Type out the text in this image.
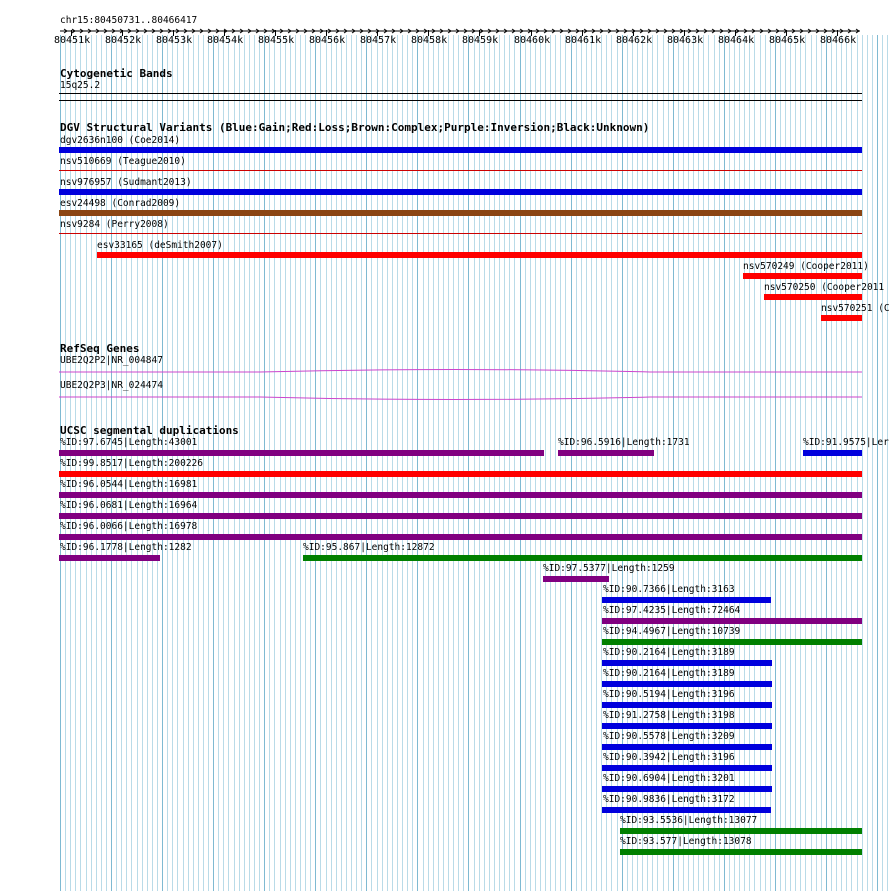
chr15:80450731..80466417
80451k 80452k 80453k 80454k 80455k 80456k 80457k 80458k 80459k 80460k 80461k 80462k 80463k 80464k 80465k 80466k
Cytogenetic Bands
15q25.2
DGV Structural Variants (Blue:Gain;Red:Loss;Brown:Complex;Purple:Inversion;Black:Unknown)
dgv2636n100 (Coe2014)
nsv510669 (Teague2010)
nsv976957 (Sudmant2013)
esv24498 (Conrad2009)
nsv9284 (Perry2008)
esv33165 (deSmith2007)
nsv570249 (Cooper2011)
nsv570250 (Cooper2011
nsv570251 (C
RefSeq Genes
UBE2Q2P2|NR_004847
UBE2Q2P3|NR_024474
UCSC segmental duplications
%ID:97.6745|Length:43001	%ID:96.5916|Length:1731	%ID:91.9575|Ler
%ID:99.8517|Length:200226
%ID:96.0544|Length:16981
%ID:96.0681|Length:16964
%ID:96.0066|Length:16978
%ID:96.1778|Length:1282	%ID:95.867|Length:12872
%ID:97.5377|Length:1259
%ID:90.7366|Length:3163
%ID:97.4235|Length:72464
%ID:94.4967|Length:10739
%ID:90.2164|Length:3189
%ID:90.2164|Length:3189
%ID:90.5194|Length:3196
%ID:91.2758|Length:3198
%ID:90.5578|Length:3209
%ID:90.3942|Length:3196
%ID:90.6904|Length:3201
%ID:90.9836|Length:3172
%ID:93.5536|Length:13077
%ID:93.577|Length:13078
